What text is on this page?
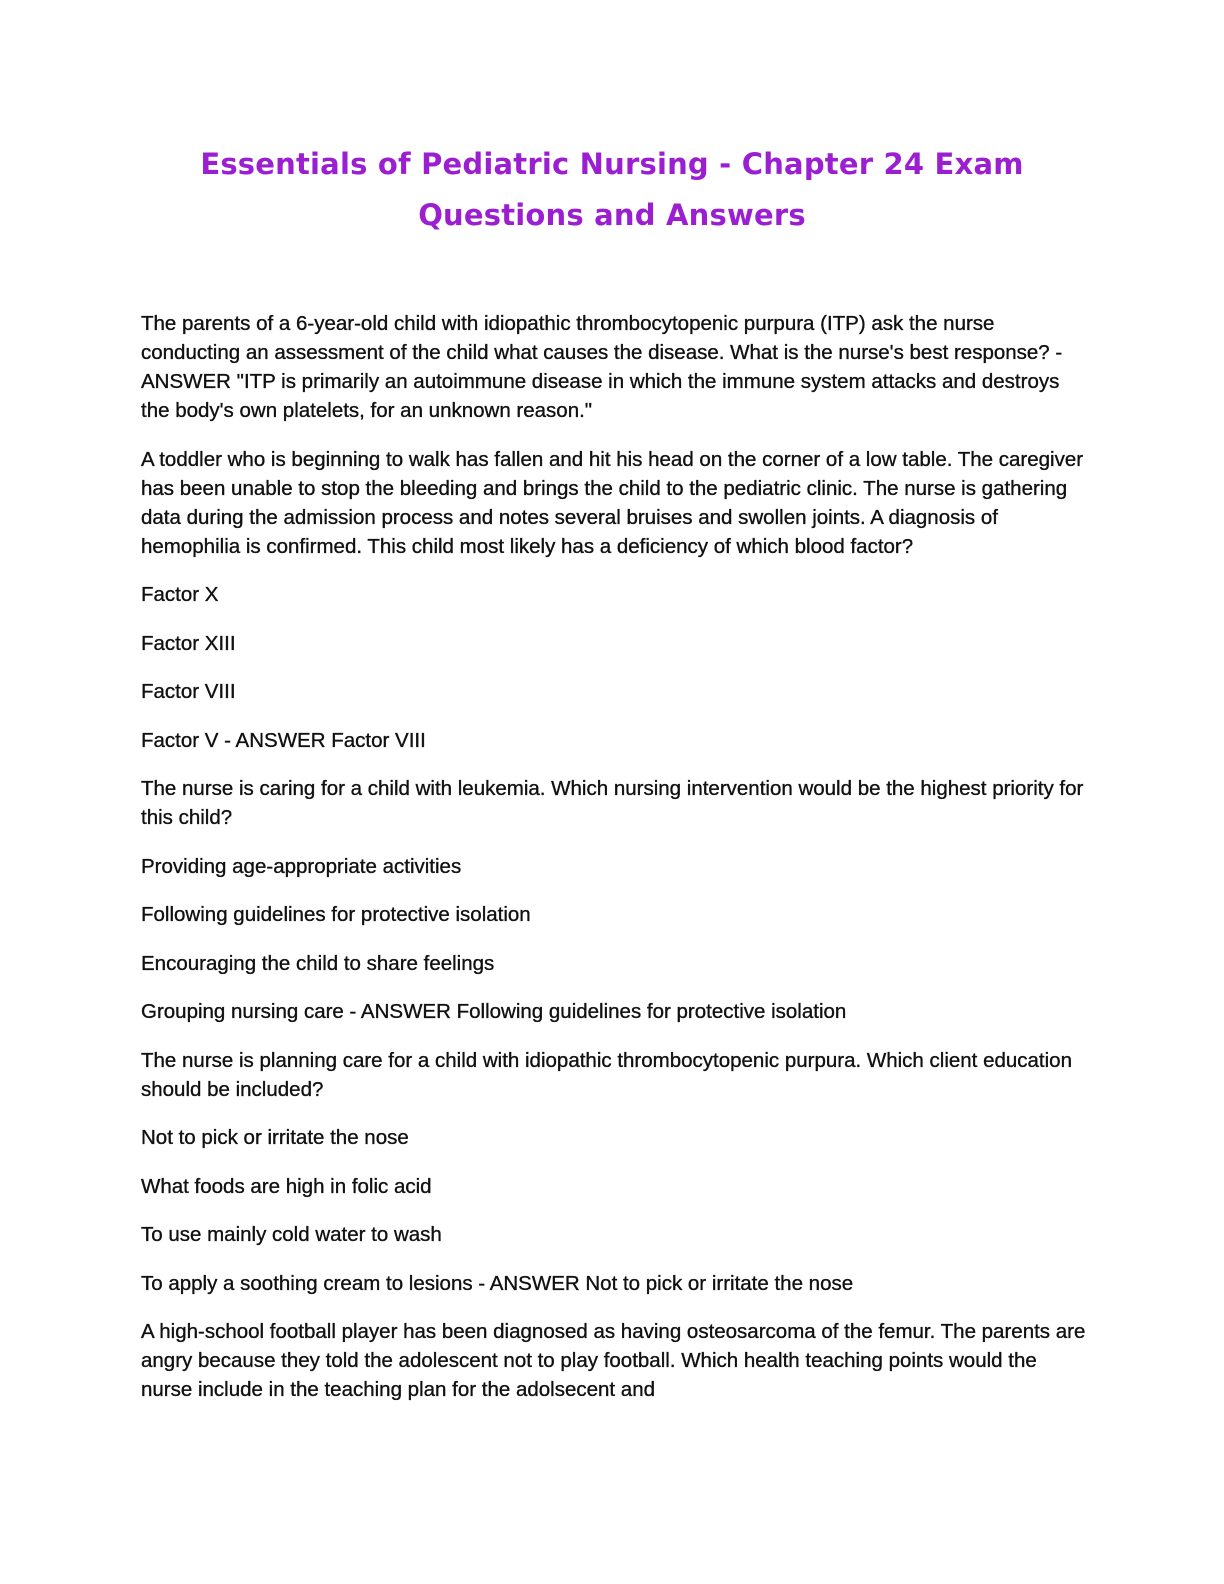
Essentials of Pediatric Nursing - Chapter 24 Exam Questions and Answers

The parents of a 6-year-old child with idiopathic thrombocytopenic purpura (ITP) ask the nurse conducting an assessment of the child what causes the disease. What is the nurse's best response? - ANSWER "ITP is primarily an autoimmune disease in which the immune system attacks and destroys the body's own platelets, for an unknown reason."

A toddler who is beginning to walk has fallen and hit his head on the corner of a low table. The caregiver has been unable to stop the bleeding and brings the child to the pediatric clinic. The nurse is gathering data during the admission process and notes several bruises and swollen joints. A diagnosis of hemophilia is confirmed. This child most likely has a deficiency of which blood factor?

Factor X

Factor XIII

Factor VIII

Factor V - ANSWER Factor VIII

The nurse is caring for a child with leukemia. Which nursing intervention would be the highest priority for this child?

Providing age-appropriate activities

Following guidelines for protective isolation

Encouraging the child to share feelings

Grouping nursing care - ANSWER Following guidelines for protective isolation

The nurse is planning care for a child with idiopathic thrombocytopenic purpura. Which client education should be included?

Not to pick or irritate the nose

What foods are high in folic acid

To use mainly cold water to wash

To apply a soothing cream to lesions - ANSWER Not to pick or irritate the nose

A high-school football player has been diagnosed as having osteosarcoma of the femur. The parents are angry because they told the adolescent not to play football. Which health teaching points would the nurse include in the teaching plan for the adolsecent and
